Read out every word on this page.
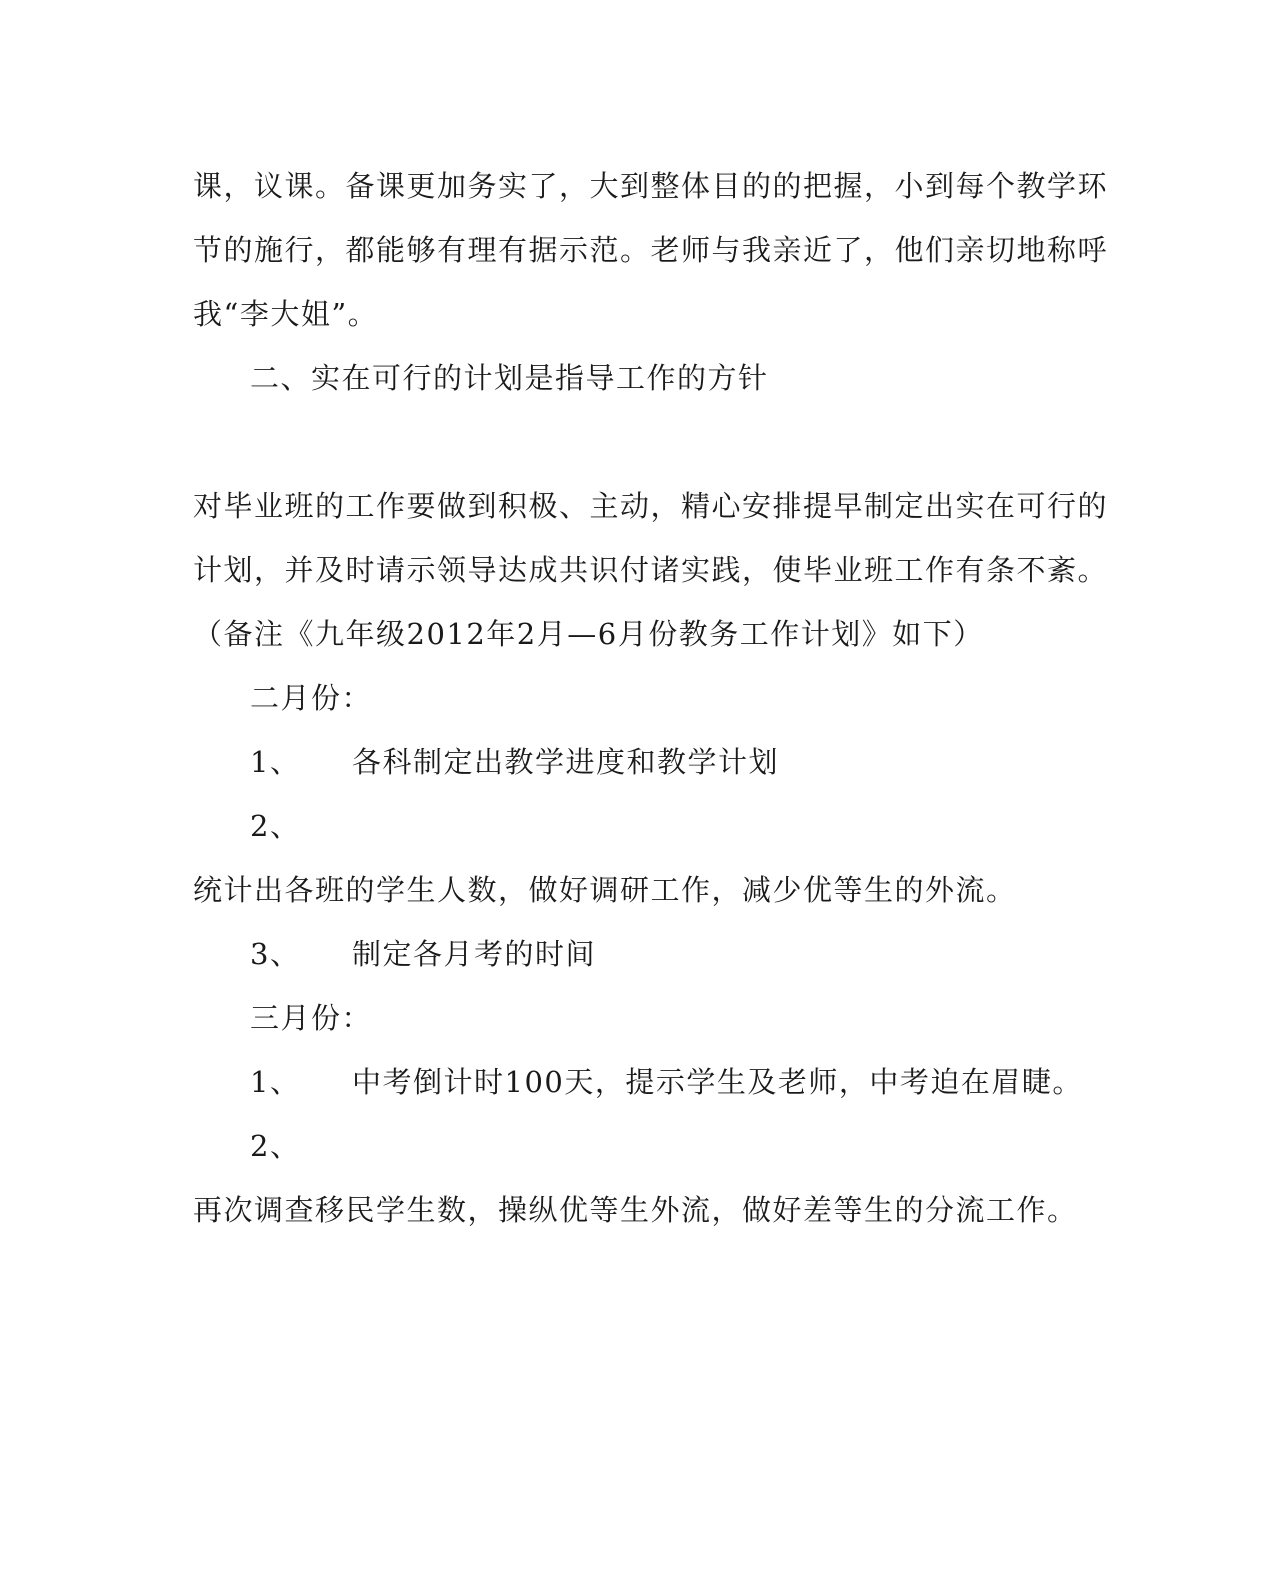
课，议课。备课更加务实了，大到整体目的的把握，小到每个教学环
节的施行，都能够有理有据示范。老师与我亲近了，他们亲切地称呼
我“李大姐”。
二、实在可行的计划是指导工作的方针
对毕业班的工作要做到积极、主动，精心安排提早制定出实在可行的
计划，并及时请示领导达成共识付诸实践，使毕业班工作有条不紊。
（备注《九年级2012年2月—6月份教务工作计划》如下）
二月份：
1、 各科制定出教学进度和教学计划
2、
统计出各班的学生人数，做好调研工作，减少优等生的外流。
3、 制定各月考的时间
三月份：
1、 中考倒计时100天，提示学生及老师，中考迫在眉睫。
2、
再次调查移民学生数，操纵优等生外流，做好差等生的分流工作。
